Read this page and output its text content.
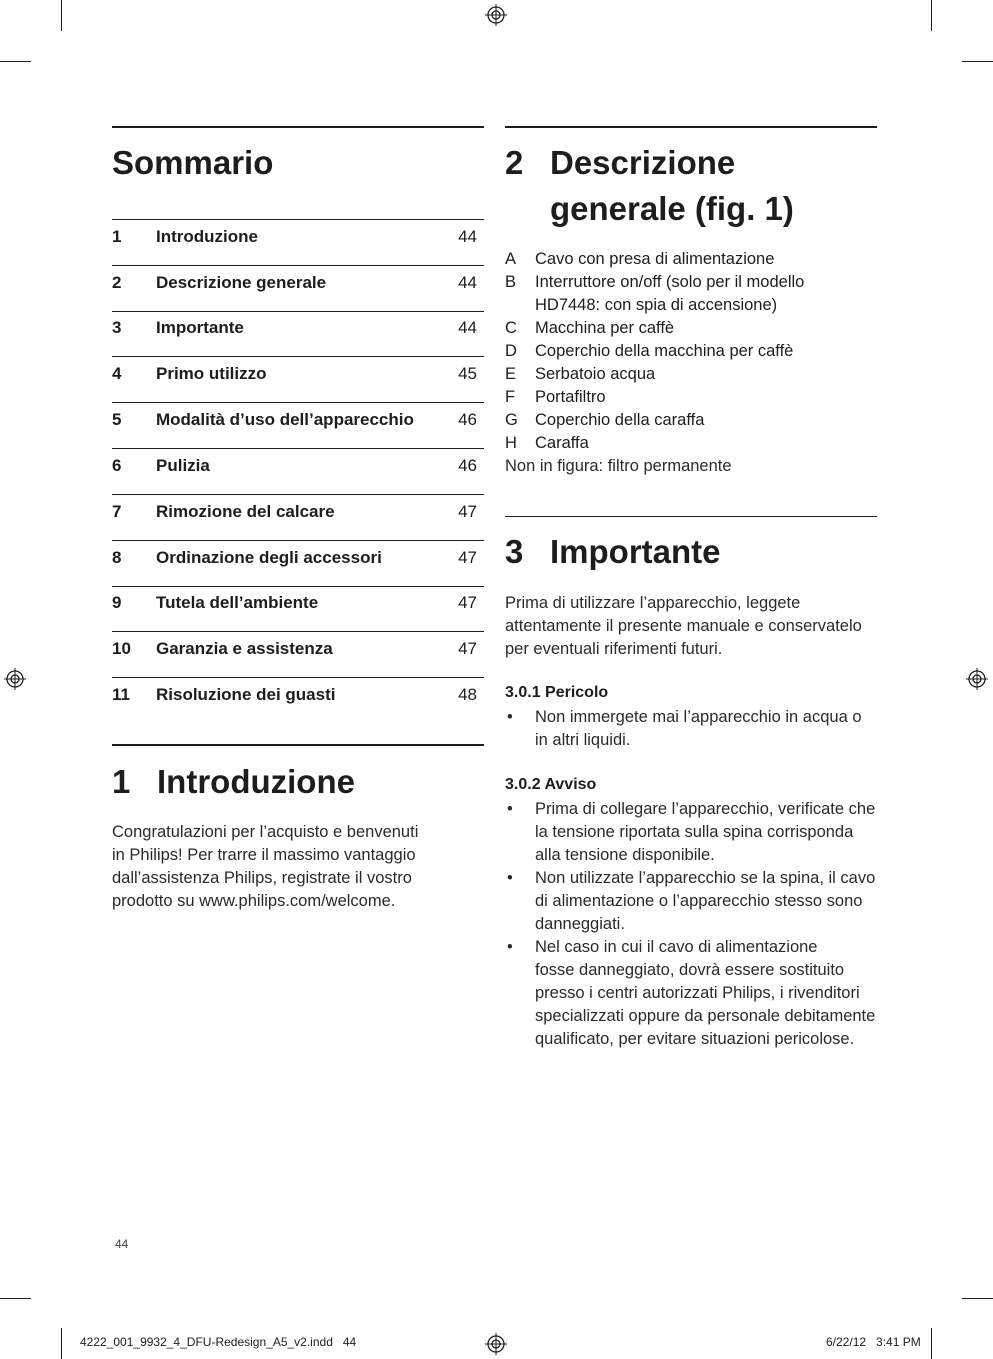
Sommario
1 Introduzione	44
2 Descrizione generale	44
3 Importante	44
4 Primo utilizzo	45
5 Modalità d’uso dell’apparecchio	46
6 Pulizia	46
7 Rimozione del calcare	47
8 Ordinazione degli accessori	47
9 Tutela dell’ambiente	47
10 Garanzia e assistenza	47
11 Risoluzione dei guasti	48
1 Introduzione
Congratulazioni per l’acquisto e benvenuti
in Philips! Per trarre il massimo vantaggio
dall’assistenza Philips, registrate il vostro
prodotto su www.philips.com/welcome.
2 Descrizione
generale (fig. 1)
A Cavo con presa di alimentazione
B Interruttore on/off (solo per il modello HD7448: con spia di accensione)
C Macchina per caffè
D Coperchio della macchina per caffè
E Serbatoio acqua
F Portafiltro
G Coperchio della caraffa
H Caraffa
Non in figura: filtro permanente
3 Importante
Prima di utilizzare l’apparecchio, leggete
attentamente il presente manuale e conservatelo
per eventuali riferimenti futuri.
3.0.1 Pericolo
• Non immergete mai l’apparecchio in acqua o
in altri liquidi.
3.0.2 Avviso
• Prima di collegare l’apparecchio, verificate che
la tensione riportata sulla spina corrisponda
alla tensione disponibile.
• Non utilizzate l’apparecchio se la spina, il cavo
di alimentazione o l’apparecchio stesso sono
danneggiati.
• Nel caso in cui il cavo di alimentazione
fosse danneggiato, dovrà essere sostituito
presso i centri autorizzati Philips, i rivenditori
specializzati oppure da personale debitamente
qualificato, per evitare situazioni pericolose.
44
4222_001_9932_4_DFU-Redesign_A5_v2.indd   44	6/22/12   3:41 PM
